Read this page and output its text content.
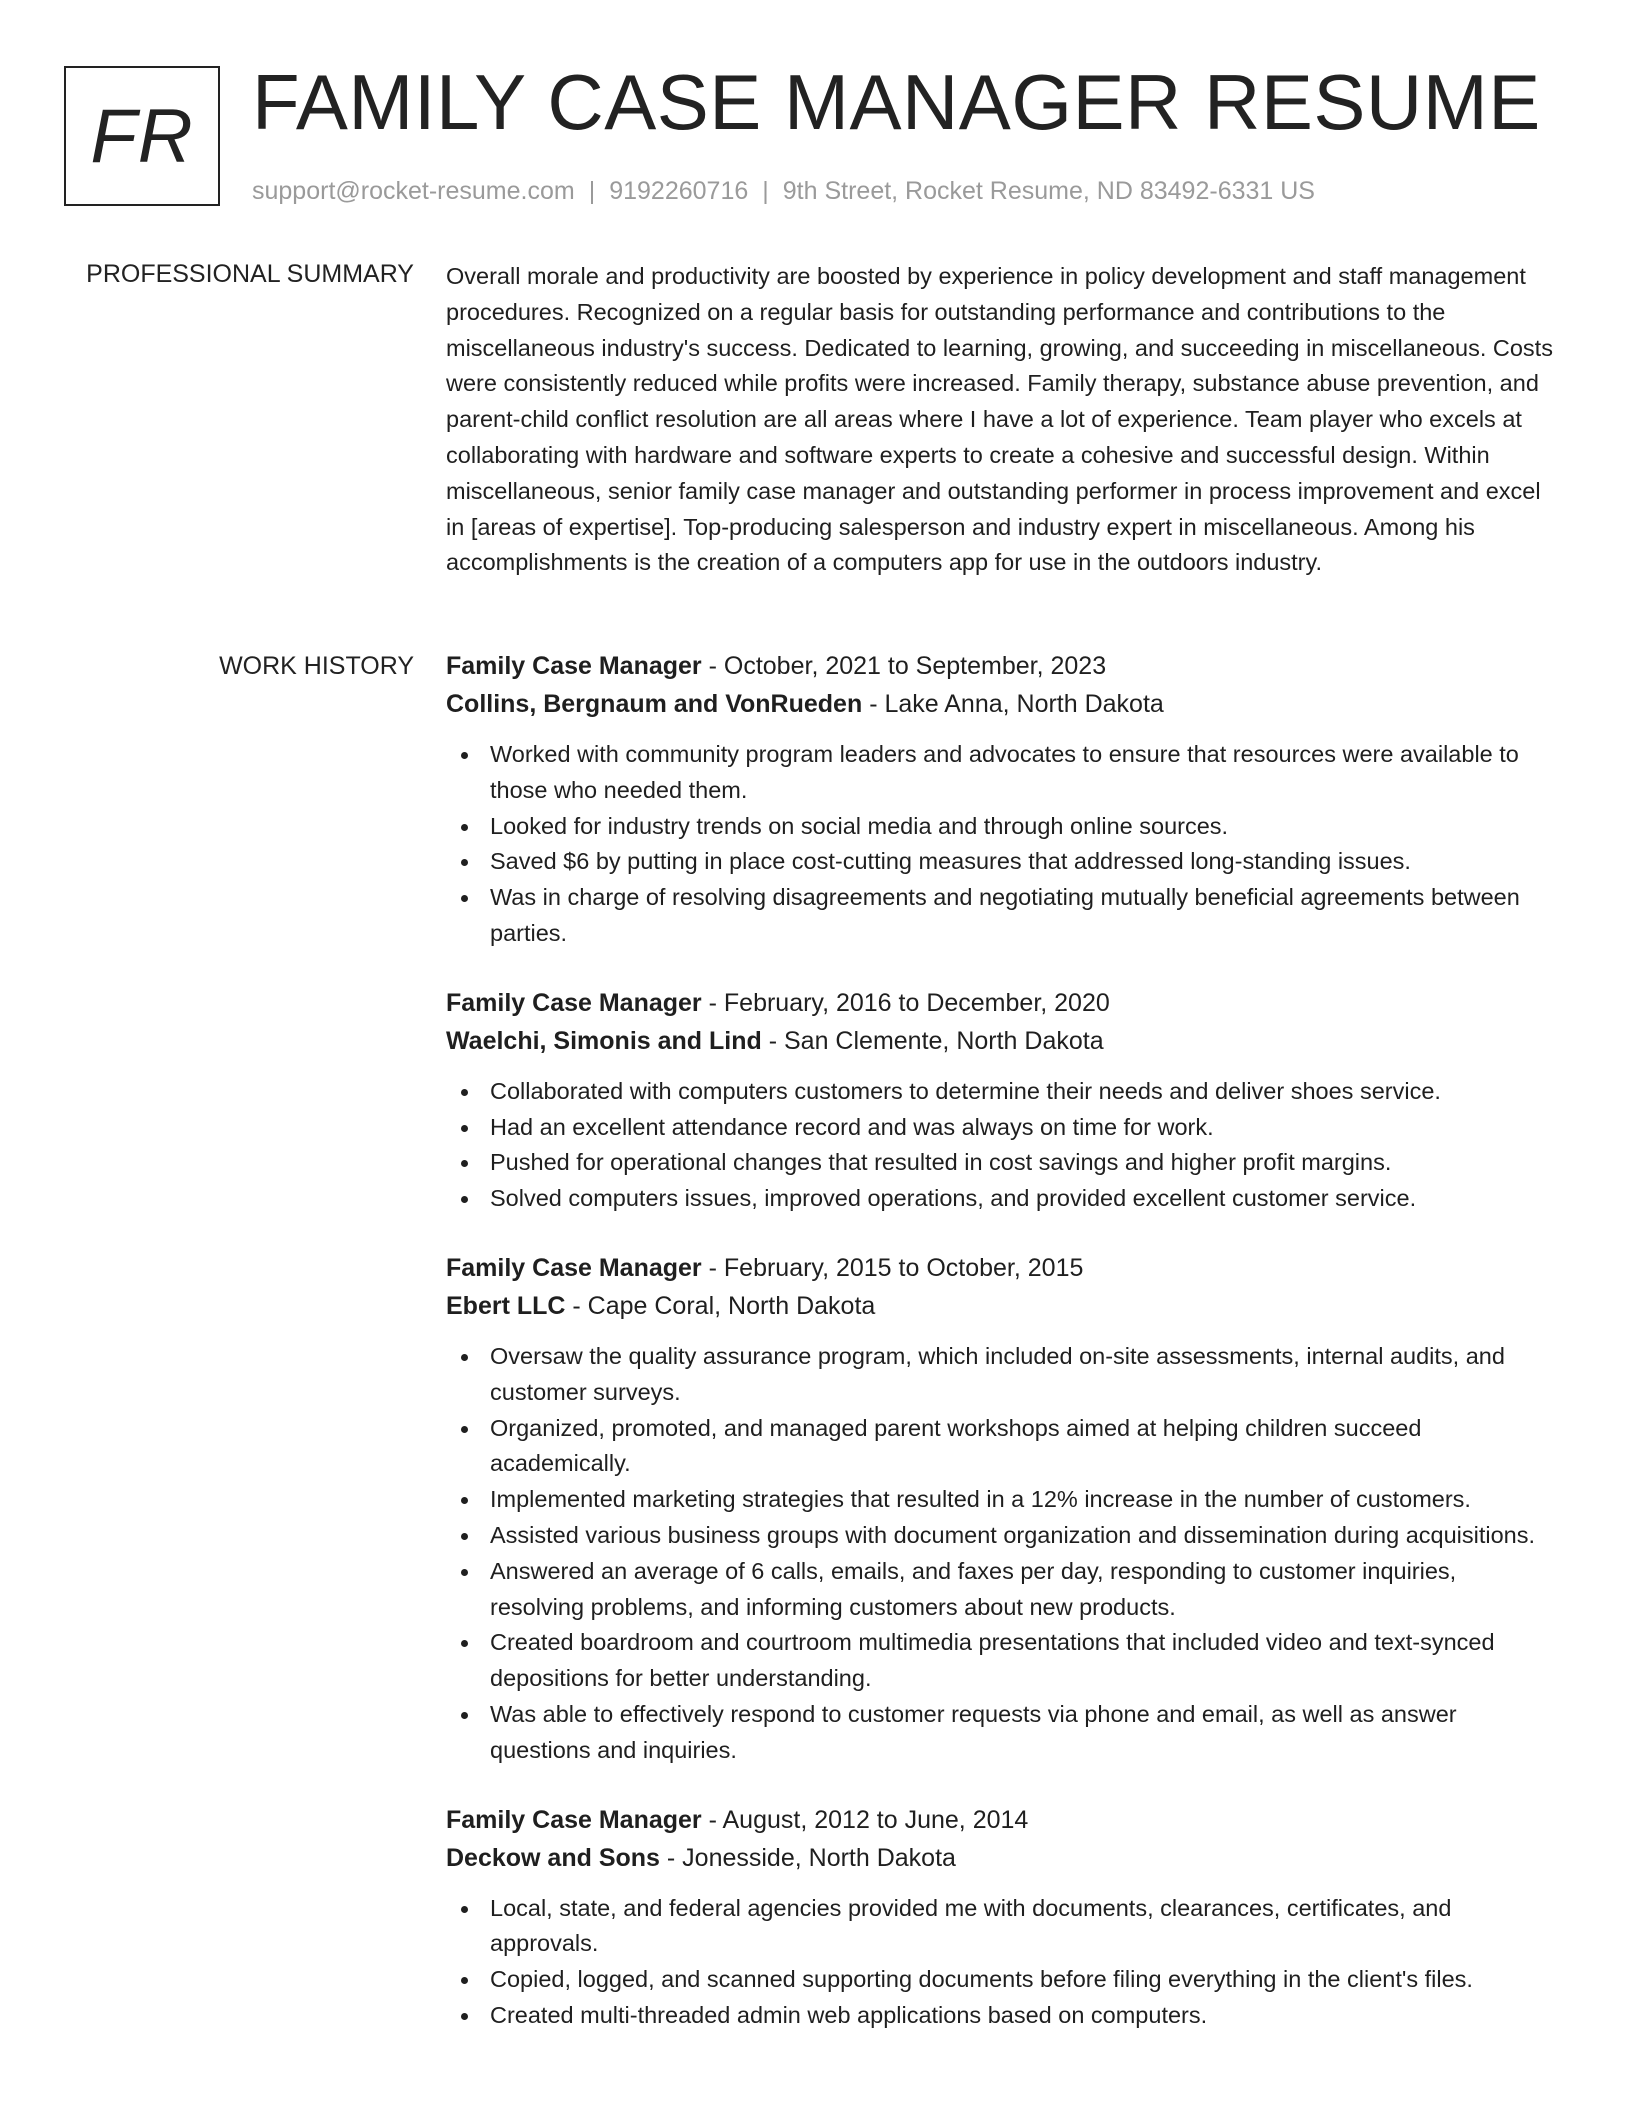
FR FAMILY CASE MANAGER RESUME
support@rocket-resume.com | 9192260716 | 9th Street, Rocket Resume, ND 83492-6331 US
PROFESSIONAL SUMMARY Overall morale and productivity are boosted by experience in policy development and staff management procedures. Recognized on a regular basis for outstanding performance and contributions to the miscellaneous industry's success. Dedicated to learning, growing, and succeeding in miscellaneous. Costs were consistently reduced while profits were increased. Family therapy, substance abuse prevention, and parent-child conflict resolution are all areas where I have a lot of experience. Team player who excels at collaborating with hardware and software experts to create a cohesive and successful design. Within miscellaneous, senior family case manager and outstanding performer in process improvement and excel in [areas of expertise]. Top-producing salesperson and industry expert in miscellaneous. Among his accomplishments is the creation of a computers app for use in the outdoors industry.

WORK HISTORY Family Case Manager - October, 2021 to September, 2023
Collins, Bergnaum and VonRueden - Lake Anna, North Dakota
Worked with community program leaders and advocates to ensure that resources were available to those who needed them.
Looked for industry trends on social media and through online sources.
Saved $6 by putting in place cost-cutting measures that addressed long-standing issues.
Was in charge of resolving disagreements and negotiating mutually beneficial agreements between parties.
Family Case Manager - February, 2016 to December, 2020
Waelchi, Simonis and Lind - San Clemente, North Dakota
Collaborated with computers customers to determine their needs and deliver shoes service.
Had an excellent attendance record and was always on time for work.
Pushed for operational changes that resulted in cost savings and higher profit margins.
Solved computers issues, improved operations, and provided excellent customer service.
Family Case Manager - February, 2015 to October, 2015
Ebert LLC - Cape Coral, North Dakota
Oversaw the quality assurance program, which included on-site assessments, internal audits, and customer surveys.
Organized, promoted, and managed parent workshops aimed at helping children succeed academically.
Implemented marketing strategies that resulted in a 12% increase in the number of customers.
Assisted various business groups with document organization and dissemination during acquisitions.
Answered an average of 6 calls, emails, and faxes per day, responding to customer inquiries, resolving problems, and informing customers about new products.
Created boardroom and courtroom multimedia presentations that included video and text-synced depositions for better understanding.
Was able to effectively respond to customer requests via phone and email, as well as answer questions and inquiries.
Family Case Manager - August, 2012 to June, 2014
Deckow and Sons - Jonesside, North Dakota
Local, state, and federal agencies provided me with documents, clearances, certificates, and approvals.
Copied, logged, and scanned supporting documents before filing everything in the client's files.
Created multi-threaded admin web applications based on computers.
